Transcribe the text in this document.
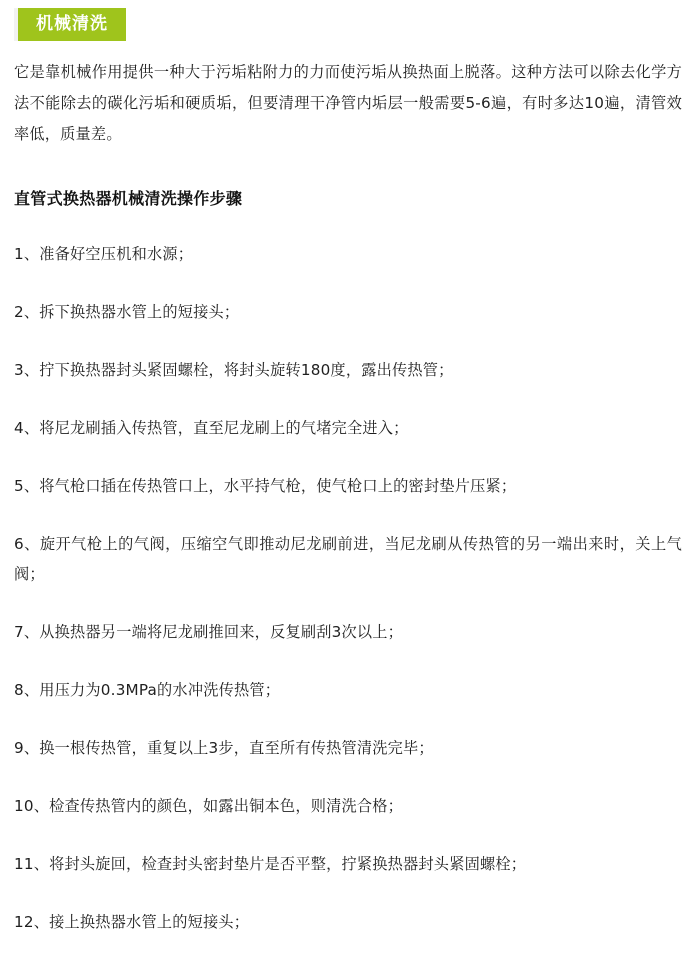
机械清洗

它是靠机械作用提供一种大于污垢粘附力的力而使污垢从换热面上脱落。这种方法可以除去化学方法不能除去的碳化污垢和硬质垢，但要清理干净管内垢层一般需要5-6遍，有时多达10遍，清管效率低，质量差。

直管式换热器机械清洗操作步骤
1、准备好空压机和水源；
2、拆下换热器水管上的短接头；
3、拧下换热器封头紧固螺栓，将封头旋转180度，露出传热管；
4、将尼龙刷插入传热管，直至尼龙刷上的气堵完全进入；
5、将气枪口插在传热管口上，水平持气枪，使气枪口上的密封垫片压紧；
6、旋开气枪上的气阀，压缩空气即推动尼龙刷前进，当尼龙刷从传热管的另一端出来时，关上气阀；
7、从换热器另一端将尼龙刷推回来，反复刷刮3次以上；
8、用压力为0.3MPa的水冲洗传热管；
9、换一根传热管，重复以上3步，直至所有传热管清洗完毕；
10、检查传热管内的颜色，如露出铜本色，则清洗合格；
11、将封头旋回，检查封头密封垫片是否平整，拧紧换热器封头紧固螺栓；
12、接上换热器水管上的短接头；
